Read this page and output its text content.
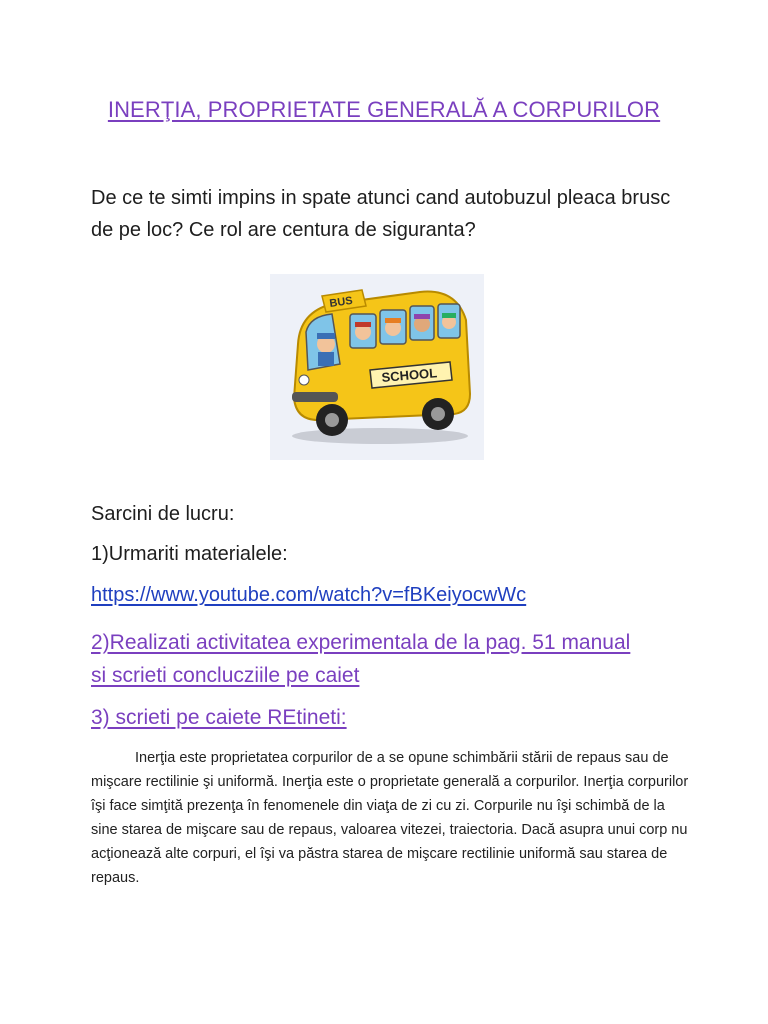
INERŢIA, PROPRIETATE GENERALĂ A CORPURILOR
De ce te simti impins in spate atunci cand autobuzul pleaca brusc de pe loc? Ce rol are centura de siguranta?
BUS
SCHOOL
Sarcini de lucru:
1)Urmariti materialele:
https://www.youtube.com/watch?v=fBKeiyocwWc
2)Realizati activitatea experimentala de la pag. 51 manual si scrieti conclucziile pe caiet
3) scrieti pe caiete REtineti:
Inerţia este proprietatea corpurilor de a se opune schimbării stării de repaus sau de mişcare rectilinie şi uniformă. Inerţia este o proprietate generală a corpurilor. Inerţia corpurilor îşi face simţită prezenţa în fenomenele din viaţa de zi cu zi. Corpurile nu îşi schimbă de la sine starea de mişcare sau de repaus, valoarea vitezei, traiectoria. Dacă asupra unui corp nu acţionează alte corpuri, el îşi va păstra starea de mişcare rectilinie uniformă sau starea de repaus.
